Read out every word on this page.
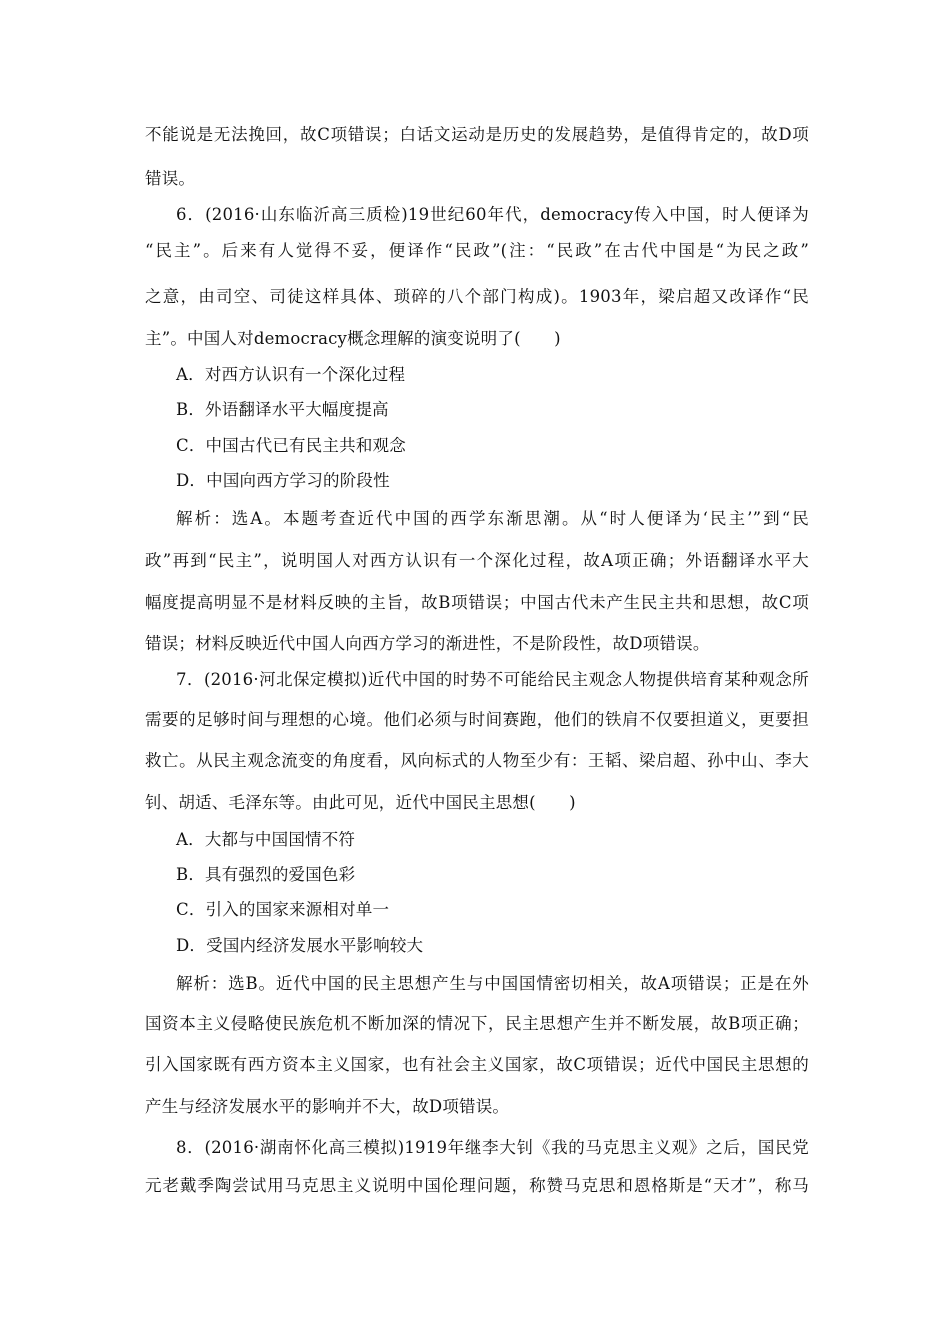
不能说是无法挽回，故C项错误；白话文运动是历史的发展趋势，是值得肯定的，故D项
错误。
6．(2016·山东临沂高三质检)19世纪60年代，democracy传入中国，时人便译为
“民主”。后来有人觉得不妥，便译作“民政”(注：“民政”在古代中国是“为民之政”
之意，由司空、司徒这样具体、琐碎的八个部门构成)。1903年，梁启超又改译作“民
主”。中国人对democracy概念理解的演变说明了(　　)
A．对西方认识有一个深化过程
B．外语翻译水平大幅度提高
C．中国古代已有民主共和观念
D．中国向西方学习的阶段性
解析：选A。本题考查近代中国的西学东渐思潮。从“时人便译为‘民主’”到“民
政”再到“民主”，说明国人对西方认识有一个深化过程，故A项正确；外语翻译水平大
幅度提高明显不是材料反映的主旨，故B项错误；中国古代未产生民主共和思想，故C项
错误；材料反映近代中国人向西方学习的渐进性，不是阶段性，故D项错误。
7．(2016·河北保定模拟)近代中国的时势不可能给民主观念人物提供培育某种观念所
需要的足够时间与理想的心境。他们必须与时间赛跑，他们的铁肩不仅要担道义，更要担
救亡。从民主观念流变的角度看，风向标式的人物至少有：王韬、梁启超、孙中山、李大
钊、胡适、毛泽东等。由此可见，近代中国民主思想(　　)
A．大都与中国国情不符
B．具有强烈的爱国色彩
C．引入的国家来源相对单一
D．受国内经济发展水平影响较大
解析：选B。近代中国的民主思想产生与中国国情密切相关，故A项错误；正是在外
国资本主义侵略使民族危机不断加深的情况下，民主思想产生并不断发展，故B项正确；
引入国家既有西方资本主义国家，也有社会主义国家，故C项错误；近代中国民主思想的
产生与经济发展水平的影响并不大，故D项错误。
8．(2016·湖南怀化高三模拟)1919年继李大钊《我的马克思主义观》之后，国民党
元老戴季陶尝试用马克思主义说明中国伦理问题，称赞马克思和恩格斯是“天才”，称马
